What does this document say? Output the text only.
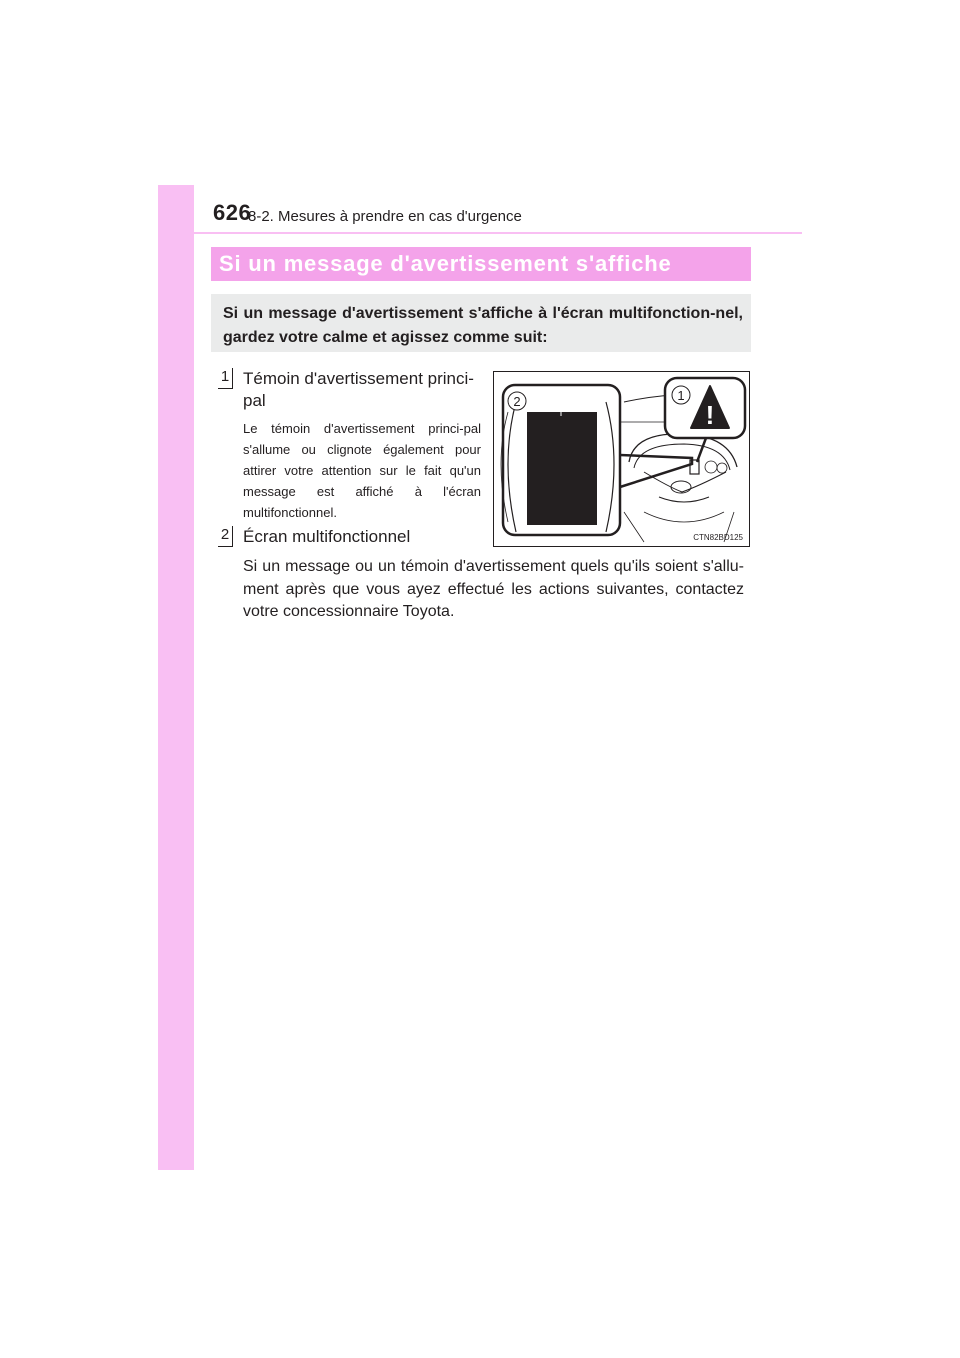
626
8-2. Mesures à prendre en cas d'urgence
Si un message d'avertissement s'affiche

Si un message d'avertissement s'affiche à l'écran multifonction-nel, gardez votre calme et agissez comme suit:

1 Témoin d'avertissement princi-
pal

Le témoin d'avertissement princi-pal s'allume ou clignote également pour attirer votre attention sur le fait qu'un message est affiché à l'écran multifonctionnel.

2 Écran multifonctionnel

Si un message ou un témoin d'avertissement quels qu'ils soient s'allu-ment après que vous ayez effectué les actions suivantes, contactez votre concessionnaire Toyota.

!
1
2
CTN82BD125
